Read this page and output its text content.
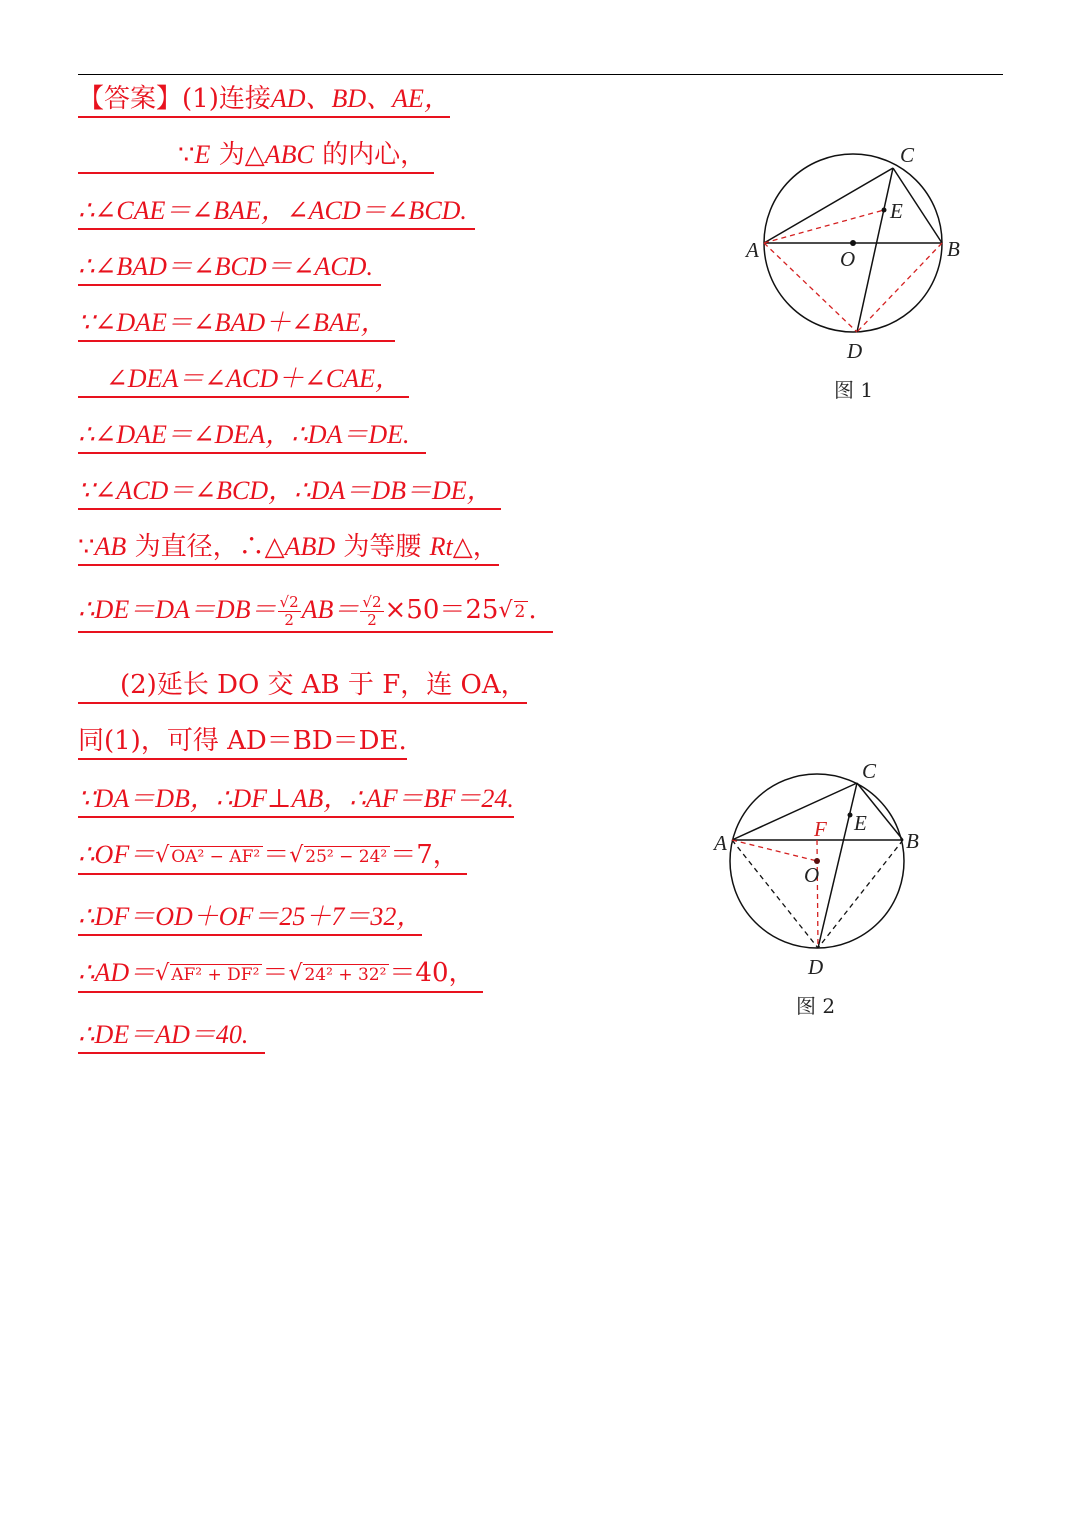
【答案】(1)连接AD、BD、AE，
∵E 为△ABC 的内心，
∴∠CAE＝∠BAE，∠ACD＝∠BCD.
∴∠BAD＝∠BCD＝∠ACD.
∵∠DAE＝∠BAD＋∠BAE，
∠DEA＝∠ACD＋∠CAE，
∴∠DAE＝∠DEA，∴DA＝DE.
∵∠ACD＝∠BCD，∴DA＝DB＝DE，
∵AB 为直径，∴△ABD 为等腰 Rt△，
∴DE＝DA＝DB＝ $\frac{√2}{2} AB= \frac{√2}{2} \times 50=25√$ 2 .
(2)延长 DO 交 AB 于 F，连 OA，
同(1)，可得 AD＝BD＝DE.
∵DA＝DB，∴DF⊥AB，∴AF＝BF＝24.
∴OF＝√ OA² − AF² ＝√ 25² − 24² ＝7，
∴DF＝OD＋OF＝25＋7＝32，
∴AD＝√ AF² + DF² ＝√ 24² + 32² ＝40，
∴DE＝AD＝40.
C
E
A	O	B
D
图 1
C
E
F
A
O
B
D
图 2
